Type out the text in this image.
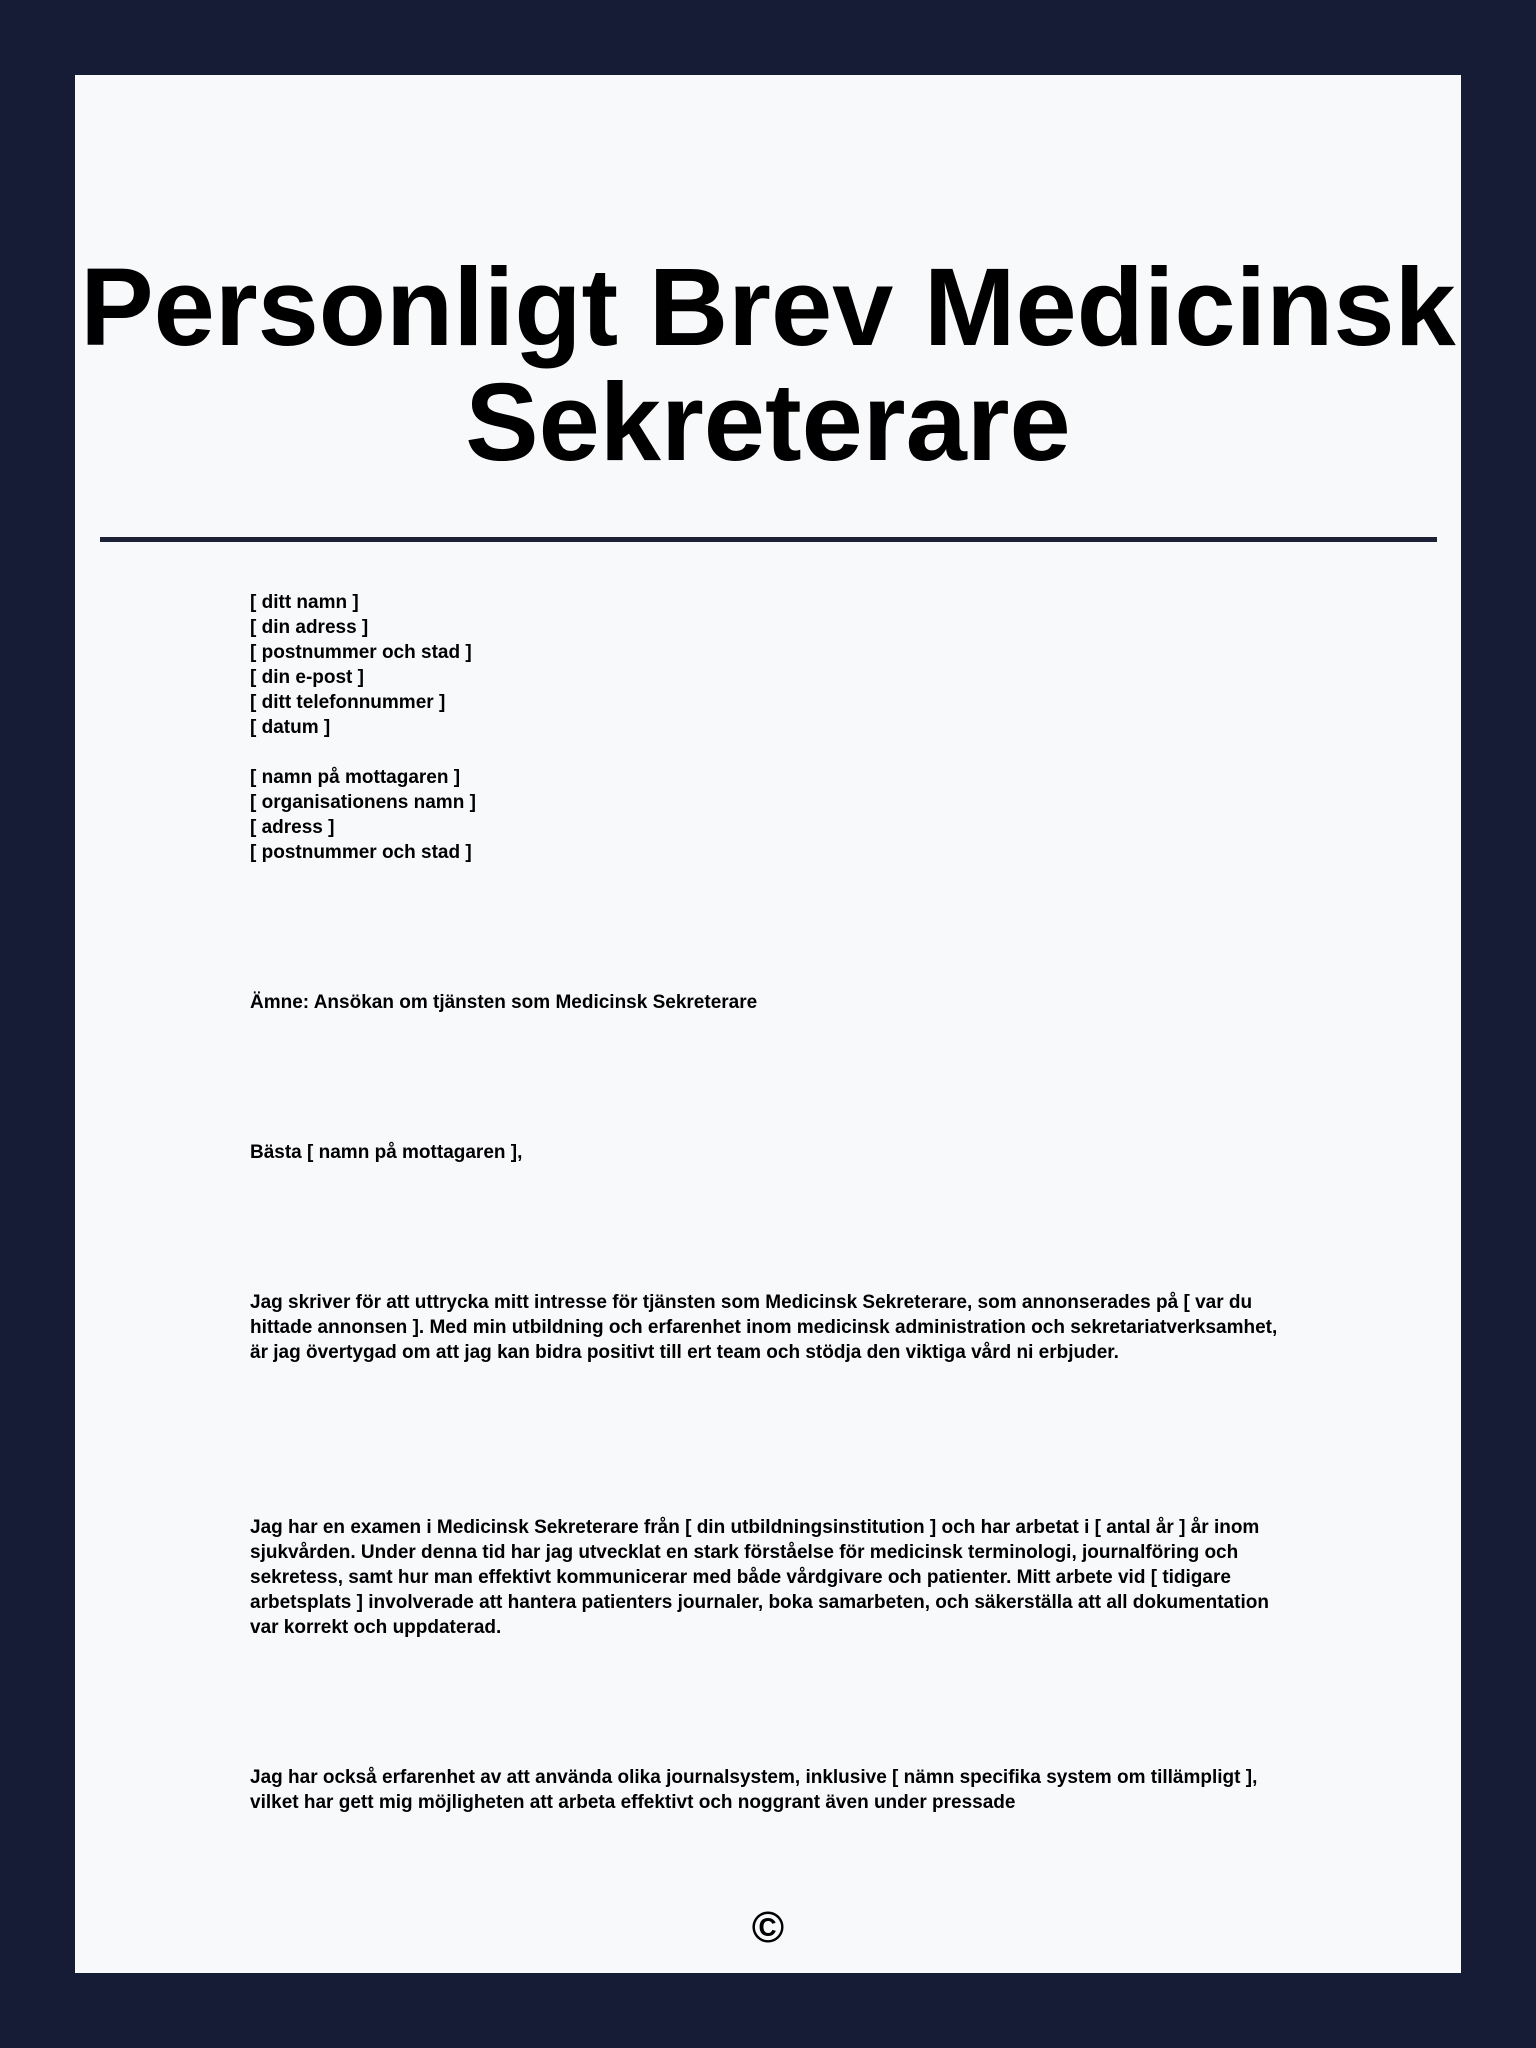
Personligt Brev Medicinsk Sekreterare
[ ditt namn ]
[ din adress ]
[ postnummer och stad ]
[ din e-post ]
[ ditt telefonnummer ]
[ datum ]
[ namn på mottagaren ]
[ organisationens namn ]
[ adress ]
[ postnummer och stad ]

Ämne: Ansökan om tjänsten som Medicinsk Sekreterare

Bästa [ namn på mottagaren ],

Jag skriver för att uttrycka mitt intresse för tjänsten som Medicinsk Sekreterare, som annonserades på [ var du hittade annonsen ]. Med min utbildning och erfarenhet inom medicinsk administration och sekretariatverksamhet, är jag övertygad om att jag kan bidra positivt till ert team och stödja den viktiga vård ni erbjuder.

Jag har en examen i Medicinsk Sekreterare från [ din utbildningsinstitution ] och har arbetat i [ antal år ] år inom sjukvården. Under denna tid har jag utvecklat en stark förståelse för medicinsk terminologi, journalföring och sekretess, samt hur man effektivt kommunicerar med både vårdgivare och patienter. Mitt arbete vid [ tidigare arbetsplats ] involverade att hantera patienters journaler, boka samarbeten, och säkerställa att all dokumentation var korrekt och uppdaterad.

Jag har också erfarenhet av att använda olika journalsystem, inklusive [ nämn specifika system om tillämpligt ], vilket har gett mig möjligheten att arbeta effektivt och noggrant även under pressade

©
